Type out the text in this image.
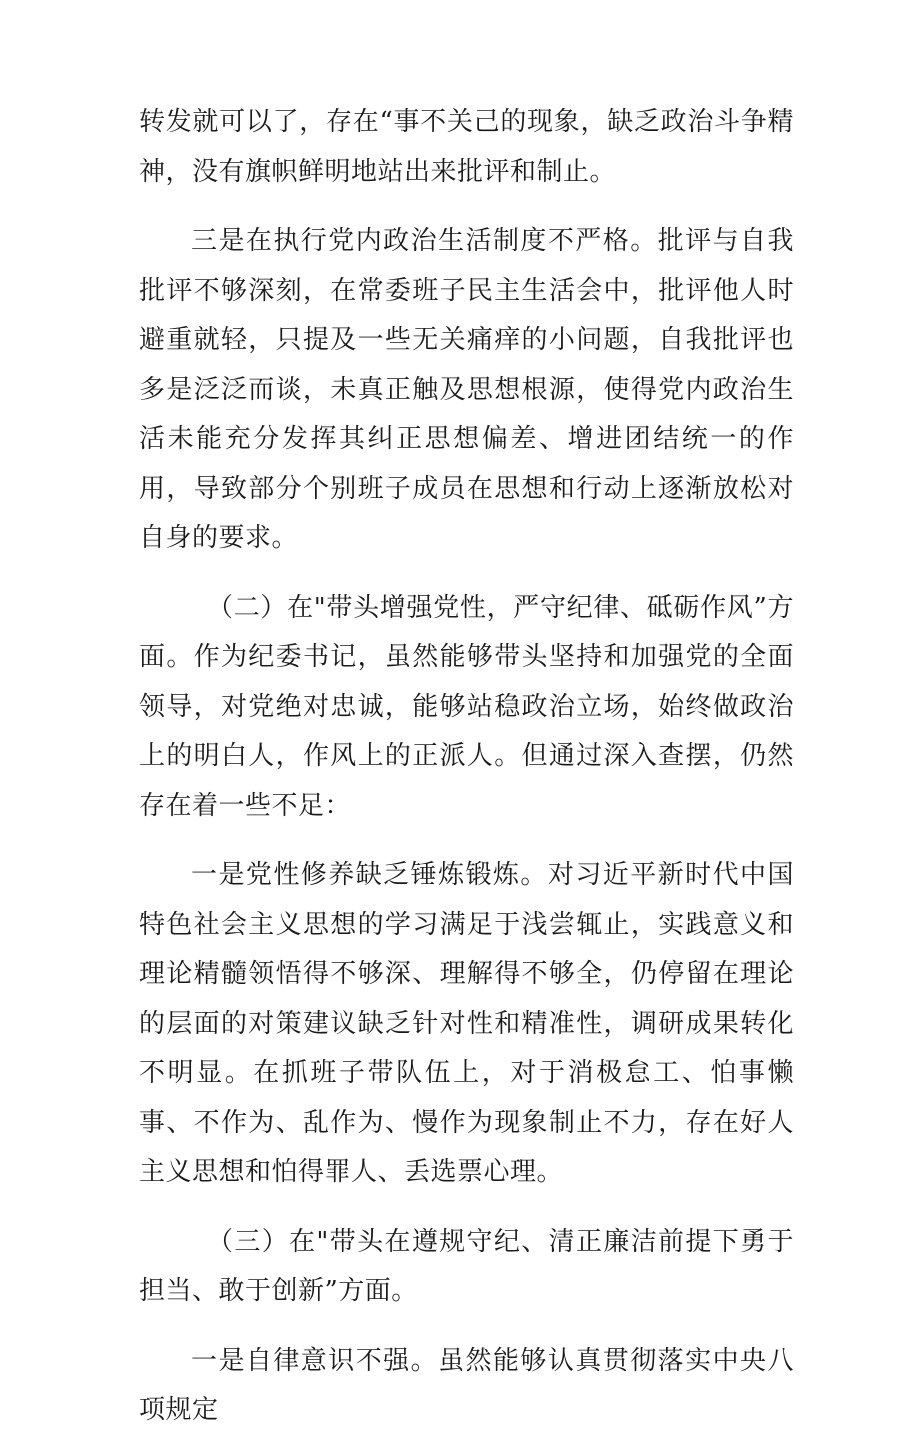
转发就可以了，存在“事不关己的现象，缺乏政治斗争精神，没有旗帜鲜明地站出来批评和制止。

三是在执行党内政治生活制度不严格。批评与自我批评不够深刻，在常委班子民主生活会中，批评他人时避重就轻，只提及一些无关痛痒的小问题，自我批评也多是泛泛而谈，未真正触及思想根源，使得党内政治生活未能充分发挥其纠正思想偏差、增进团结统一的作用，导致部分个别班子成员在思想和行动上逐渐放松对自身的要求。

（二）在"带头增强党性，严守纪律、砥砺作风”方面。作为纪委书记，虽然能够带头坚持和加强党的全面领导，对党绝对忠诚，能够站稳政治立场，始终做政治上的明白人，作风上的正派人。但通过深入查摆，仍然存在着一些不足：

一是党性修养缺乏锤炼锻炼。对习近平新时代中国特色社会主义思想的学习满足于浅尝辄止，实践意义和理论精髓领悟得不够深、理解得不够全，仍停留在理论的层面的对策建议缺乏针对性和精准性，调研成果转化不明显。在抓班子带队伍上，对于消极怠工、怕事懒事、不作为、乱作为、慢作为现象制止不力，存在好人主义思想和怕得罪人、丢选票心理。

（三）在"带头在遵规守纪、清正廉洁前提下勇于担当、敢于创新”方面。

一是自律意识不强。虽然能够认真贯彻落实中央八项规定
